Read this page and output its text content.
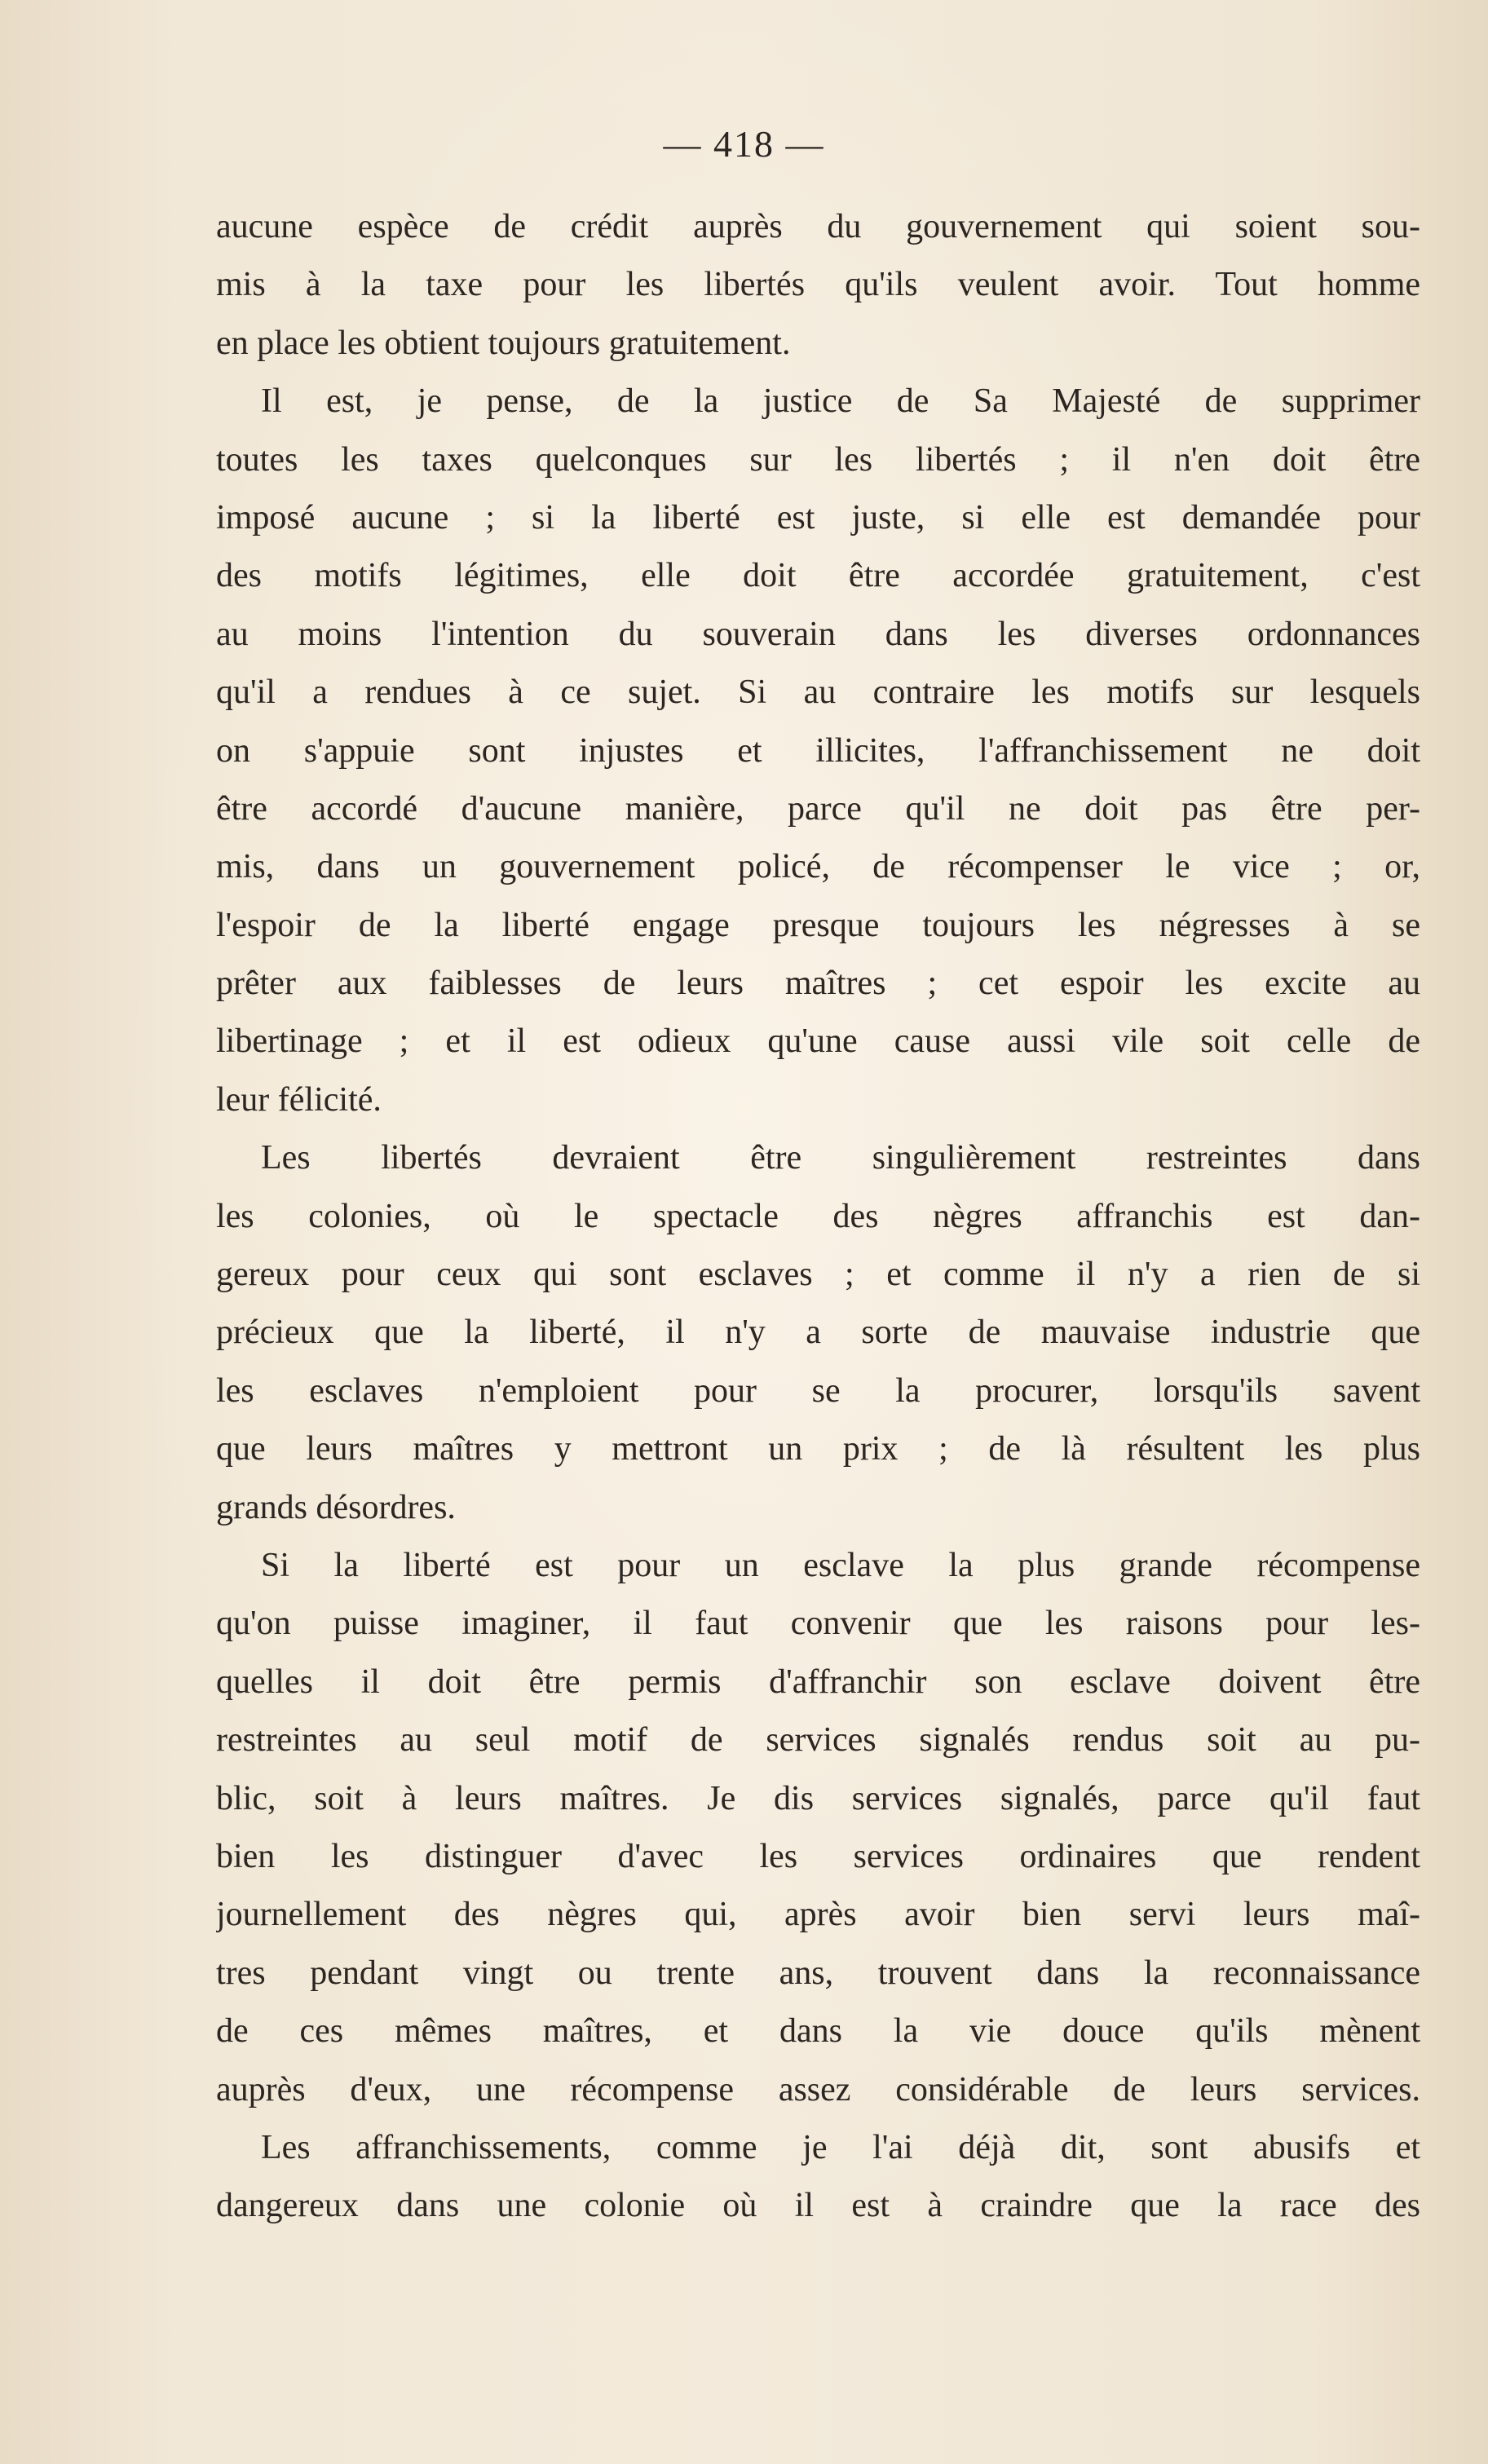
— 418 —
aucune espèce de crédit auprès du gouvernement qui soient sou-
mis à la taxe pour les libertés qu'ils veulent avoir. Tout homme
en place les obtient toujours gratuitement.
Il est, je pense, de la justice de Sa Majesté de supprimer
toutes les taxes quelconques sur les libertés ; il n'en doit être
imposé aucune ; si la liberté est juste, si elle est demandée pour
des motifs légitimes, elle doit être accordée gratuitement, c'est
au moins l'intention du souverain dans les diverses ordonnances
qu'il a rendues à ce sujet. Si au contraire les motifs sur lesquels
on s'appuie sont injustes et illicites, l'affranchissement ne doit
être accordé d'aucune manière, parce qu'il ne doit pas être per-
mis, dans un gouvernement policé, de récompenser le vice ; or,
l'espoir de la liberté engage presque toujours les négresses à se
prêter aux faiblesses de leurs maîtres ; cet espoir les excite au
libertinage ; et il est odieux qu'une cause aussi vile soit celle de
leur félicité.
Les libertés devraient être singulièrement restreintes dans
les colonies, où le spectacle des nègres affranchis est dan-
gereux pour ceux qui sont esclaves ; et comme il n'y a rien de si
précieux que la liberté, il n'y a sorte de mauvaise industrie que
les esclaves n'emploient pour se la procurer, lorsqu'ils savent
que leurs maîtres y mettront un prix ; de là résultent les plus
grands désordres.
Si la liberté est pour un esclave la plus grande récompense
qu'on puisse imaginer, il faut convenir que les raisons pour les-
quelles il doit être permis d'affranchir son esclave doivent être
restreintes au seul motif de services signalés rendus soit au pu-
blic, soit à leurs maîtres. Je dis services signalés, parce qu'il faut
bien les distinguer d'avec les services ordinaires que rendent
journellement des nègres qui, après avoir bien servi leurs maî-
tres pendant vingt ou trente ans, trouvent dans la reconnaissance
de ces mêmes maîtres, et dans la vie douce qu'ils mènent
auprès d'eux, une récompense assez considérable de leurs services.
Les affranchissements, comme je l'ai déjà dit, sont abusifs et
dangereux dans une colonie où il est à craindre que la race des
